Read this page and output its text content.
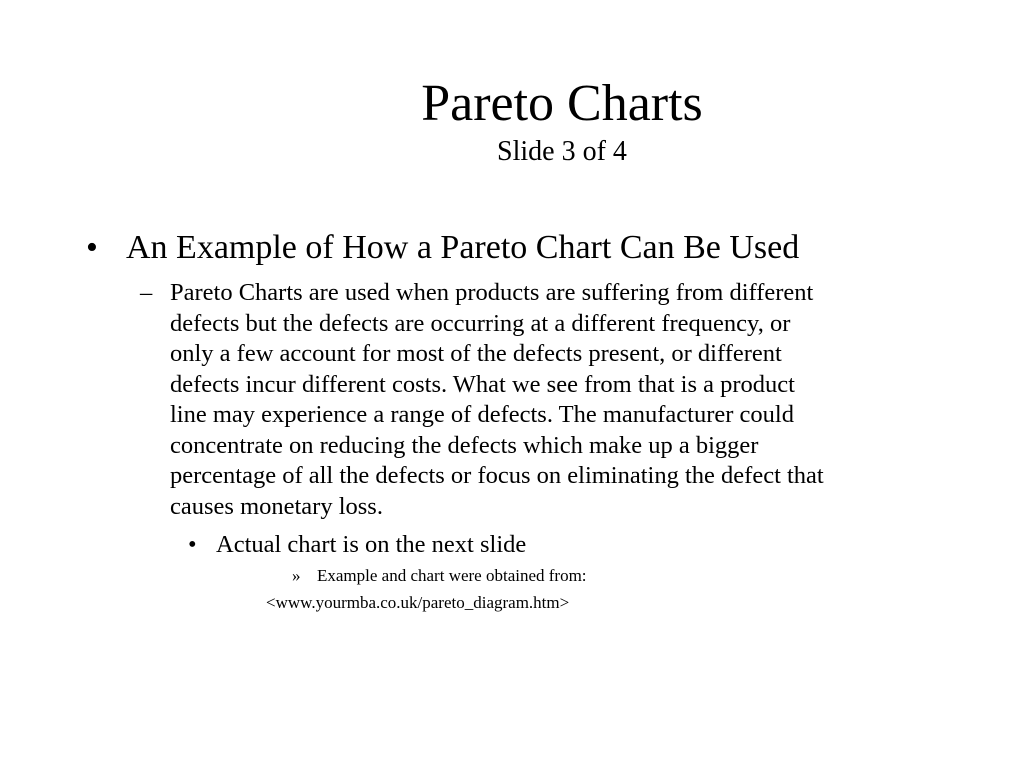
Pareto Charts
Slide 3 of 4
• An Example of How a Pareto Chart Can Be Used
– Pareto Charts are used when products are suffering from different
defects but the defects are occurring at a different frequency, or
only a few account for most of the defects present, or different
defects incur different costs. What we see from that is a product
line may experience a range of defects. The manufacturer could
concentrate on reducing the defects which make up a bigger
percentage of all the defects or focus on eliminating the defect that
causes monetary loss.
• Actual chart is on the next slide
» Example and chart were obtained from:
<www.yourmba.co.uk/pareto_diagram.htm>
